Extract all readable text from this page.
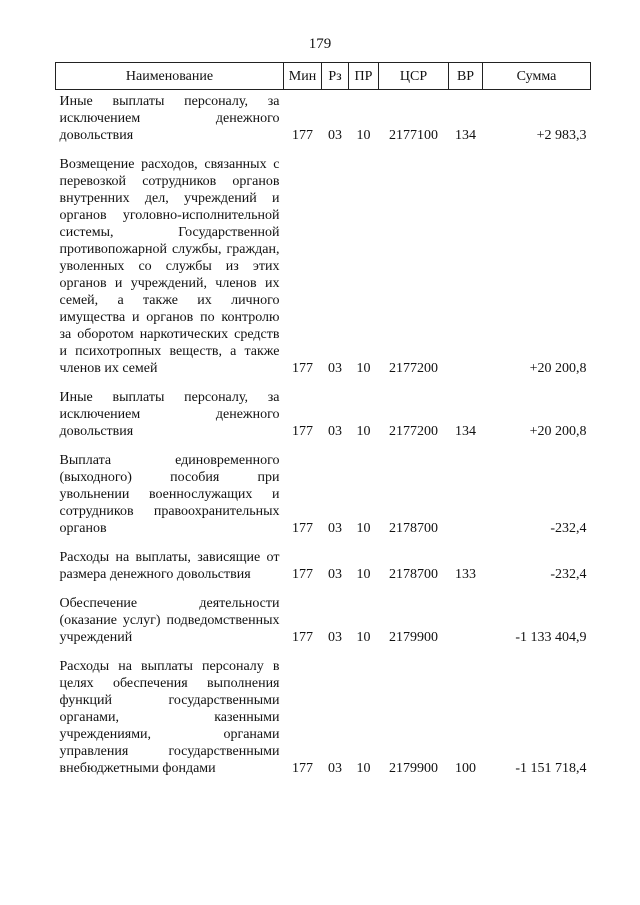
179
Наименование	Мин	Рз	ПР	ЦСР	ВР	Сумма
Иные выплаты персоналу, за исключением денежного довольствия	177	03	10	2177100	134	+2 983,3
Возмещение расходов, связанных с перевозкой сотрудников органов внутренних дел, учреждений и органов уголовно-исполнительной системы, Государственной противопожарной службы, граждан, уволенных со службы из этих органов и учреждений, членов их семей, а также их личного имущества и органов по контролю за оборотом наркотических средств и психотропных веществ, а также членов их семей	177	03	10	2177200		+20 200,8
Иные выплаты персоналу, за исключением денежного довольствия	177	03	10	2177200	134	+20 200,8
Выплата единовременного (выходного) пособия при увольнении военнослужащих и сотрудников правоохранительных органов	177	03	10	2178700		-232,4
Расходы на выплаты, зависящие от размера денежного довольствия	177	03	10	2178700	133	-232,4
Обеспечение деятельности (оказание услуг) подведомственных учреждений	177	03	10	2179900		-1 133 404,9
Расходы на выплаты персоналу в целях обеспечения выполнения функций государственными органами, казенными учреждениями, органами управления государственными внебюджетными фондами	177	03	10	2179900	100	-1 151 718,4
